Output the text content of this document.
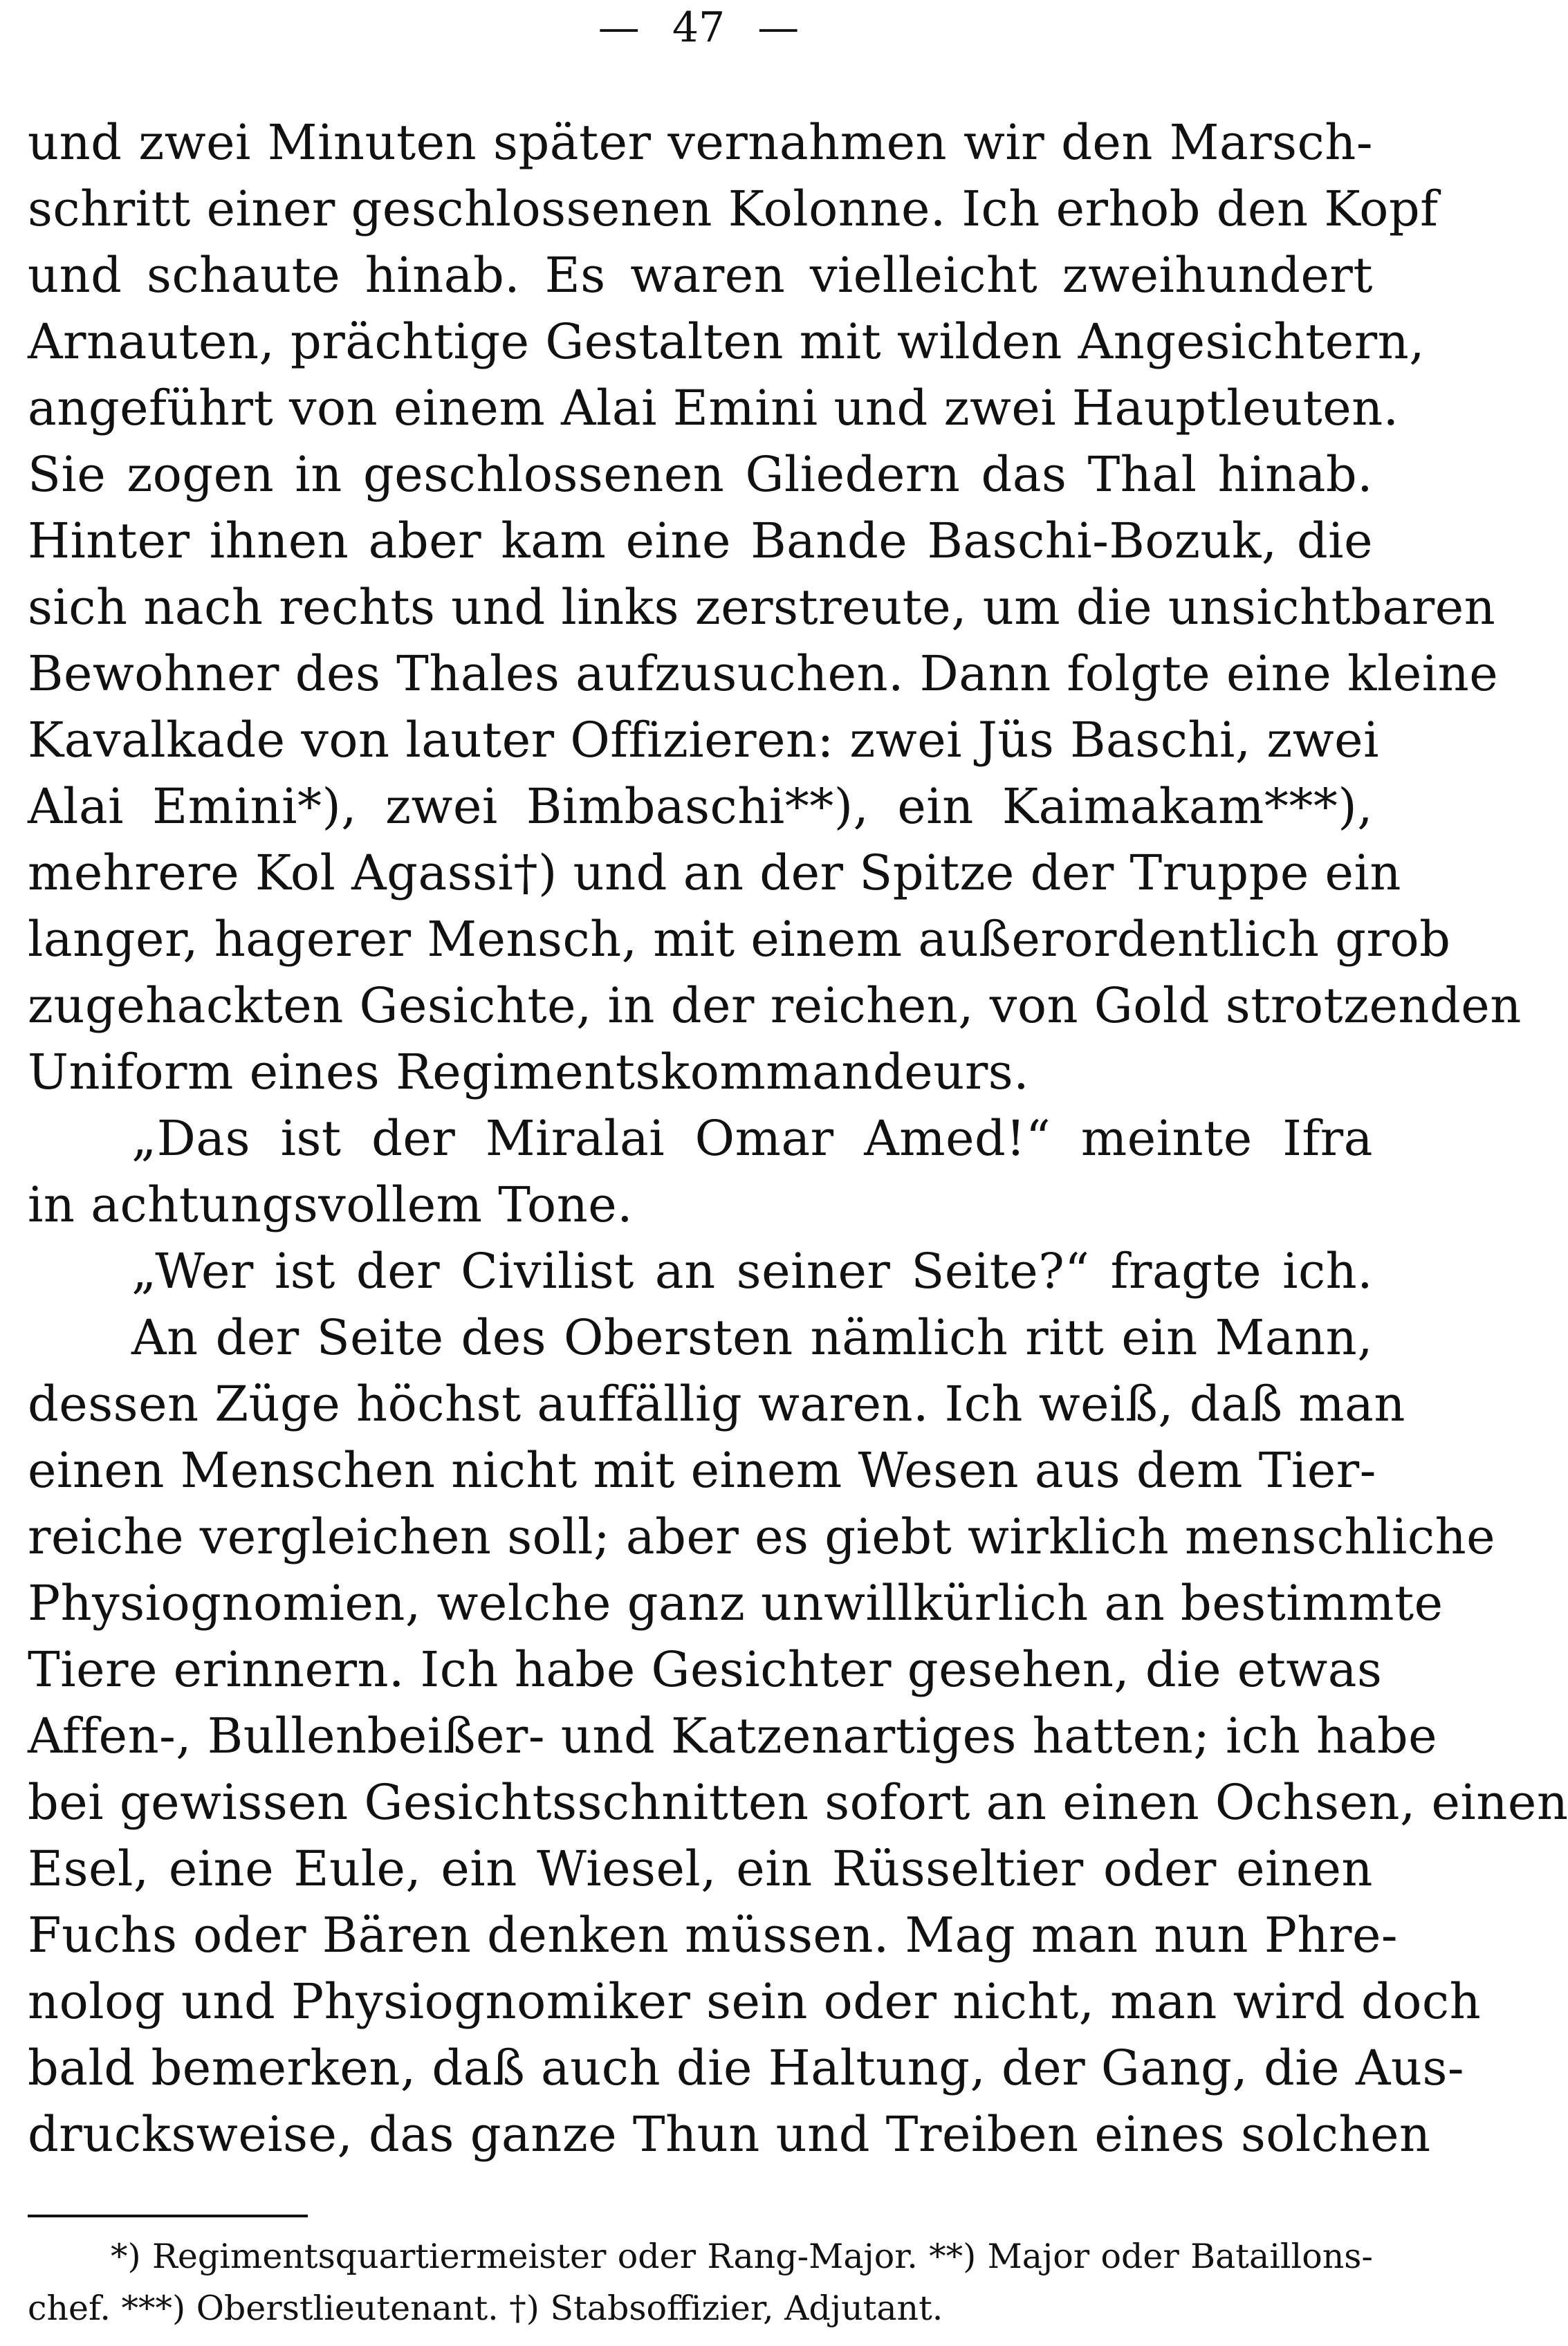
— 47 —
und zwei Minuten später vernahmen wir den Marsch-
schritt einer geschlossenen Kolonne. Ich erhob den Kopf
und schaute hinab. Es waren vielleicht zweihundert
Arnauten, prächtige Gestalten mit wilden Angesichtern,
angeführt von einem Alai Emini und zwei Hauptleuten.
Sie zogen in geschlossenen Gliedern das Thal hinab.
Hinter ihnen aber kam eine Bande Baschi-Bozuk, die
sich nach rechts und links zerstreute, um die unsichtbaren
Bewohner des Thales aufzusuchen. Dann folgte eine kleine
Kavalkade von lauter Offizieren: zwei Jüs Baschi, zwei
Alai Emini*), zwei Bimbaschi**), ein Kaimakam***),
mehrere Kol Agassi†) und an der Spitze der Truppe ein
langer, hagerer Mensch, mit einem außerordentlich grob
zugehackten Gesichte, in der reichen, von Gold strotzenden
Uniform eines Regimentskommandeurs.
„Das ist der Miralai Omar Amed!“ meinte Ifra
in achtungsvollem Tone.
„Wer ist der Civilist an seiner Seite?“ fragte ich.
An der Seite des Obersten nämlich ritt ein Mann,
dessen Züge höchst auffällig waren. Ich weiß, daß man
einen Menschen nicht mit einem Wesen aus dem Tier-
reiche vergleichen soll; aber es giebt wirklich menschliche
Physiognomien, welche ganz unwillkürlich an bestimmte
Tiere erinnern. Ich habe Gesichter gesehen, die etwas
Affen-, Bullenbeißer- und Katzenartiges hatten; ich habe
bei gewissen Gesichtsschnitten sofort an einen Ochsen, einen
Esel, eine Eule, ein Wiesel, ein Rüsseltier oder einen
Fuchs oder Bären denken müssen. Mag man nun Phre-
nolog und Physiognomiker sein oder nicht, man wird doch
bald bemerken, daß auch die Haltung, der Gang, die Aus-
drucksweise, das ganze Thun und Treiben eines solchen
*) Regimentsquartiermeister oder Rang-Major. **) Major oder Bataillons-
chef. ***) Oberstlieutenant. †) Stabsoffizier, Adjutant.
